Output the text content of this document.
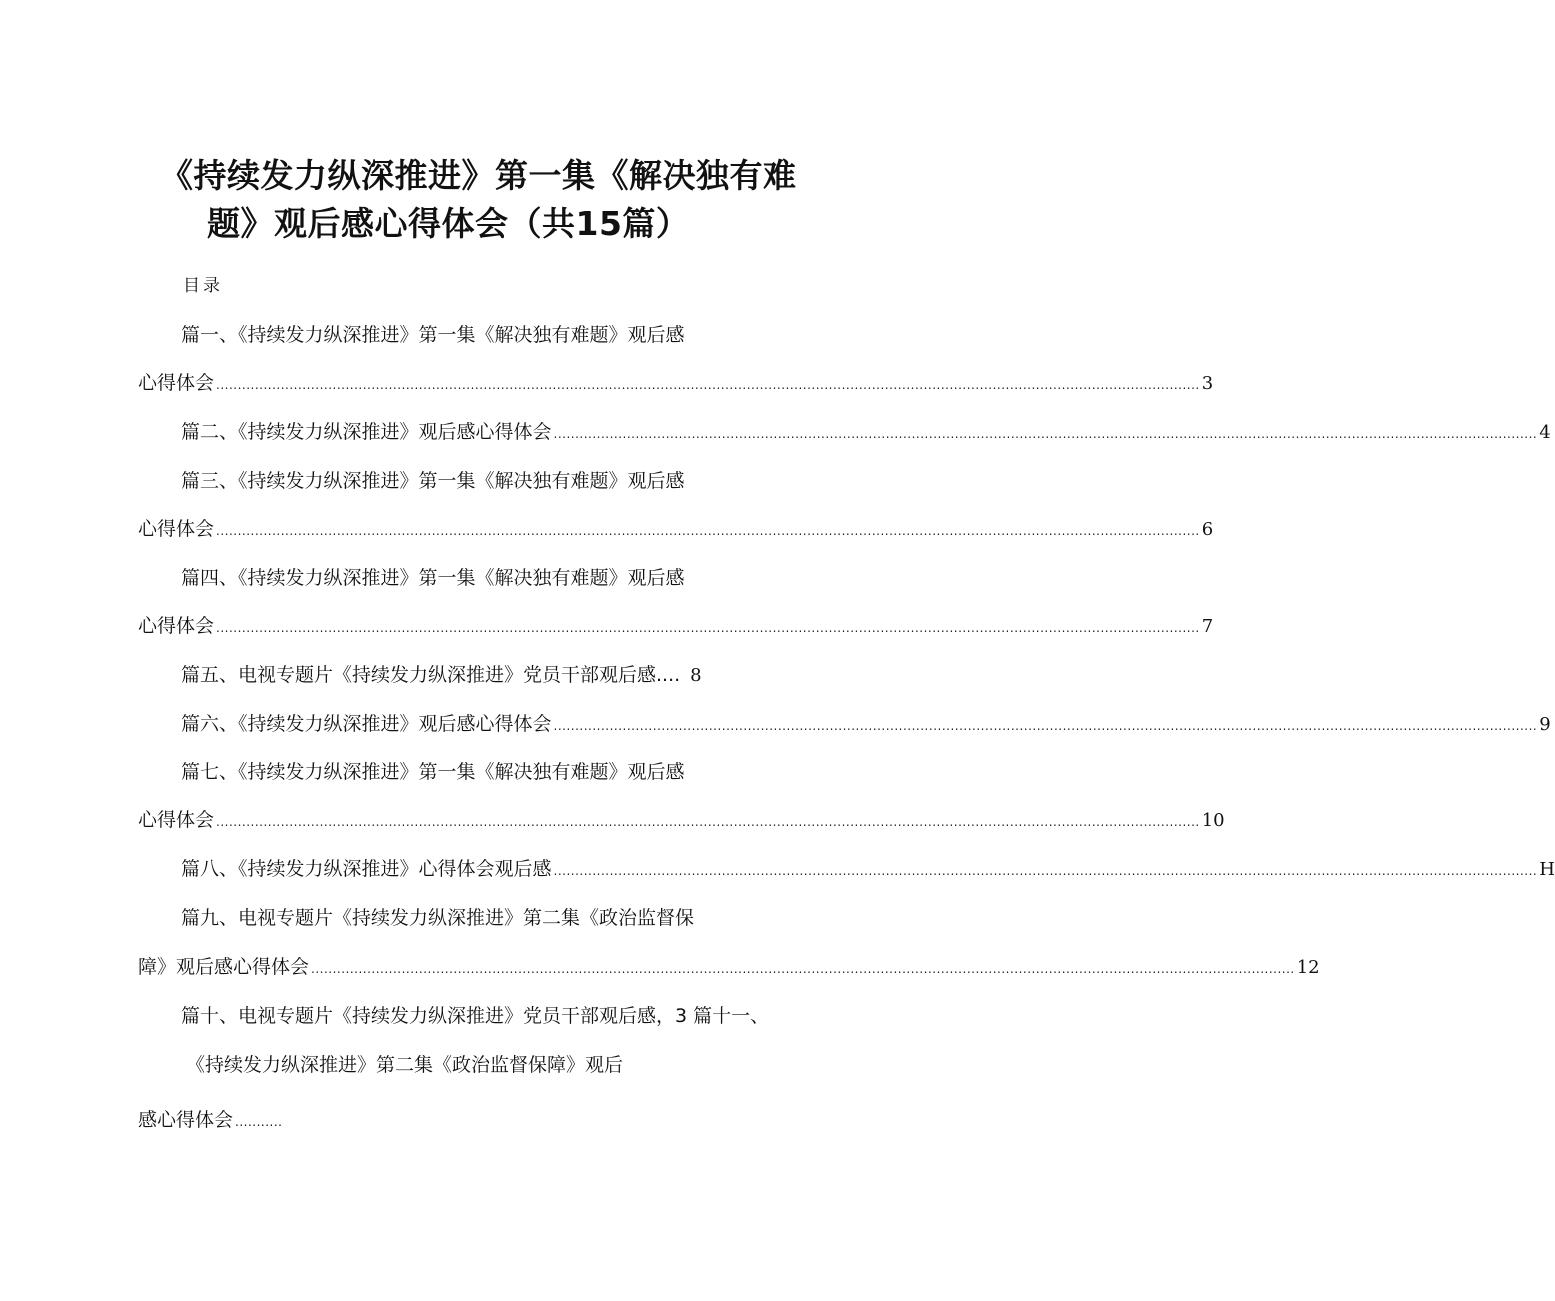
《持续发力纵深推进》第一集《解决独有难
题》观后感心得体会（共15篇）
目录
篇一、《持续发力纵深推进》第一集《解决独有难题》观后感
心得体会 .................................................................................................................................................................................................................................... 3
篇二、《持续发力纵深推进》观后感心得体会 .................................................................................................................................................................................................................................... 4
篇三、《持续发力纵深推进》第一集《解决独有难题》观后感
心得体会 .................................................................................................................................................................................................................................... 6
篇四、《持续发力纵深推进》第一集《解决独有难题》观后感
心得体会 .................................................................................................................................................................................................................................... 7
篇五、电视专题片《持续发力纵深推进》党员干部观后感.... 8
篇六、《持续发力纵深推进》观后感心得体会 .................................................................................................................................................................................................................................... 9
篇七、《持续发力纵深推进》第一集《解决独有难题》观后感
心得体会 .................................................................................................................................................................................................................................... 10
篇八、《持续发力纵深推进》心得体会观后感 .................................................................................................................................................................................................................................... H
篇九、电视专题片《持续发力纵深推进》第二集《政治监督保
障》观后感心得体会 .................................................................................................................................................................................................................................... 12
篇十、电视专题片《持续发力纵深推进》党员干部观后感，3 篇十一、
《持续发力纵深推进》第二集《政治监督保障》观后
感心得体会 ...........
